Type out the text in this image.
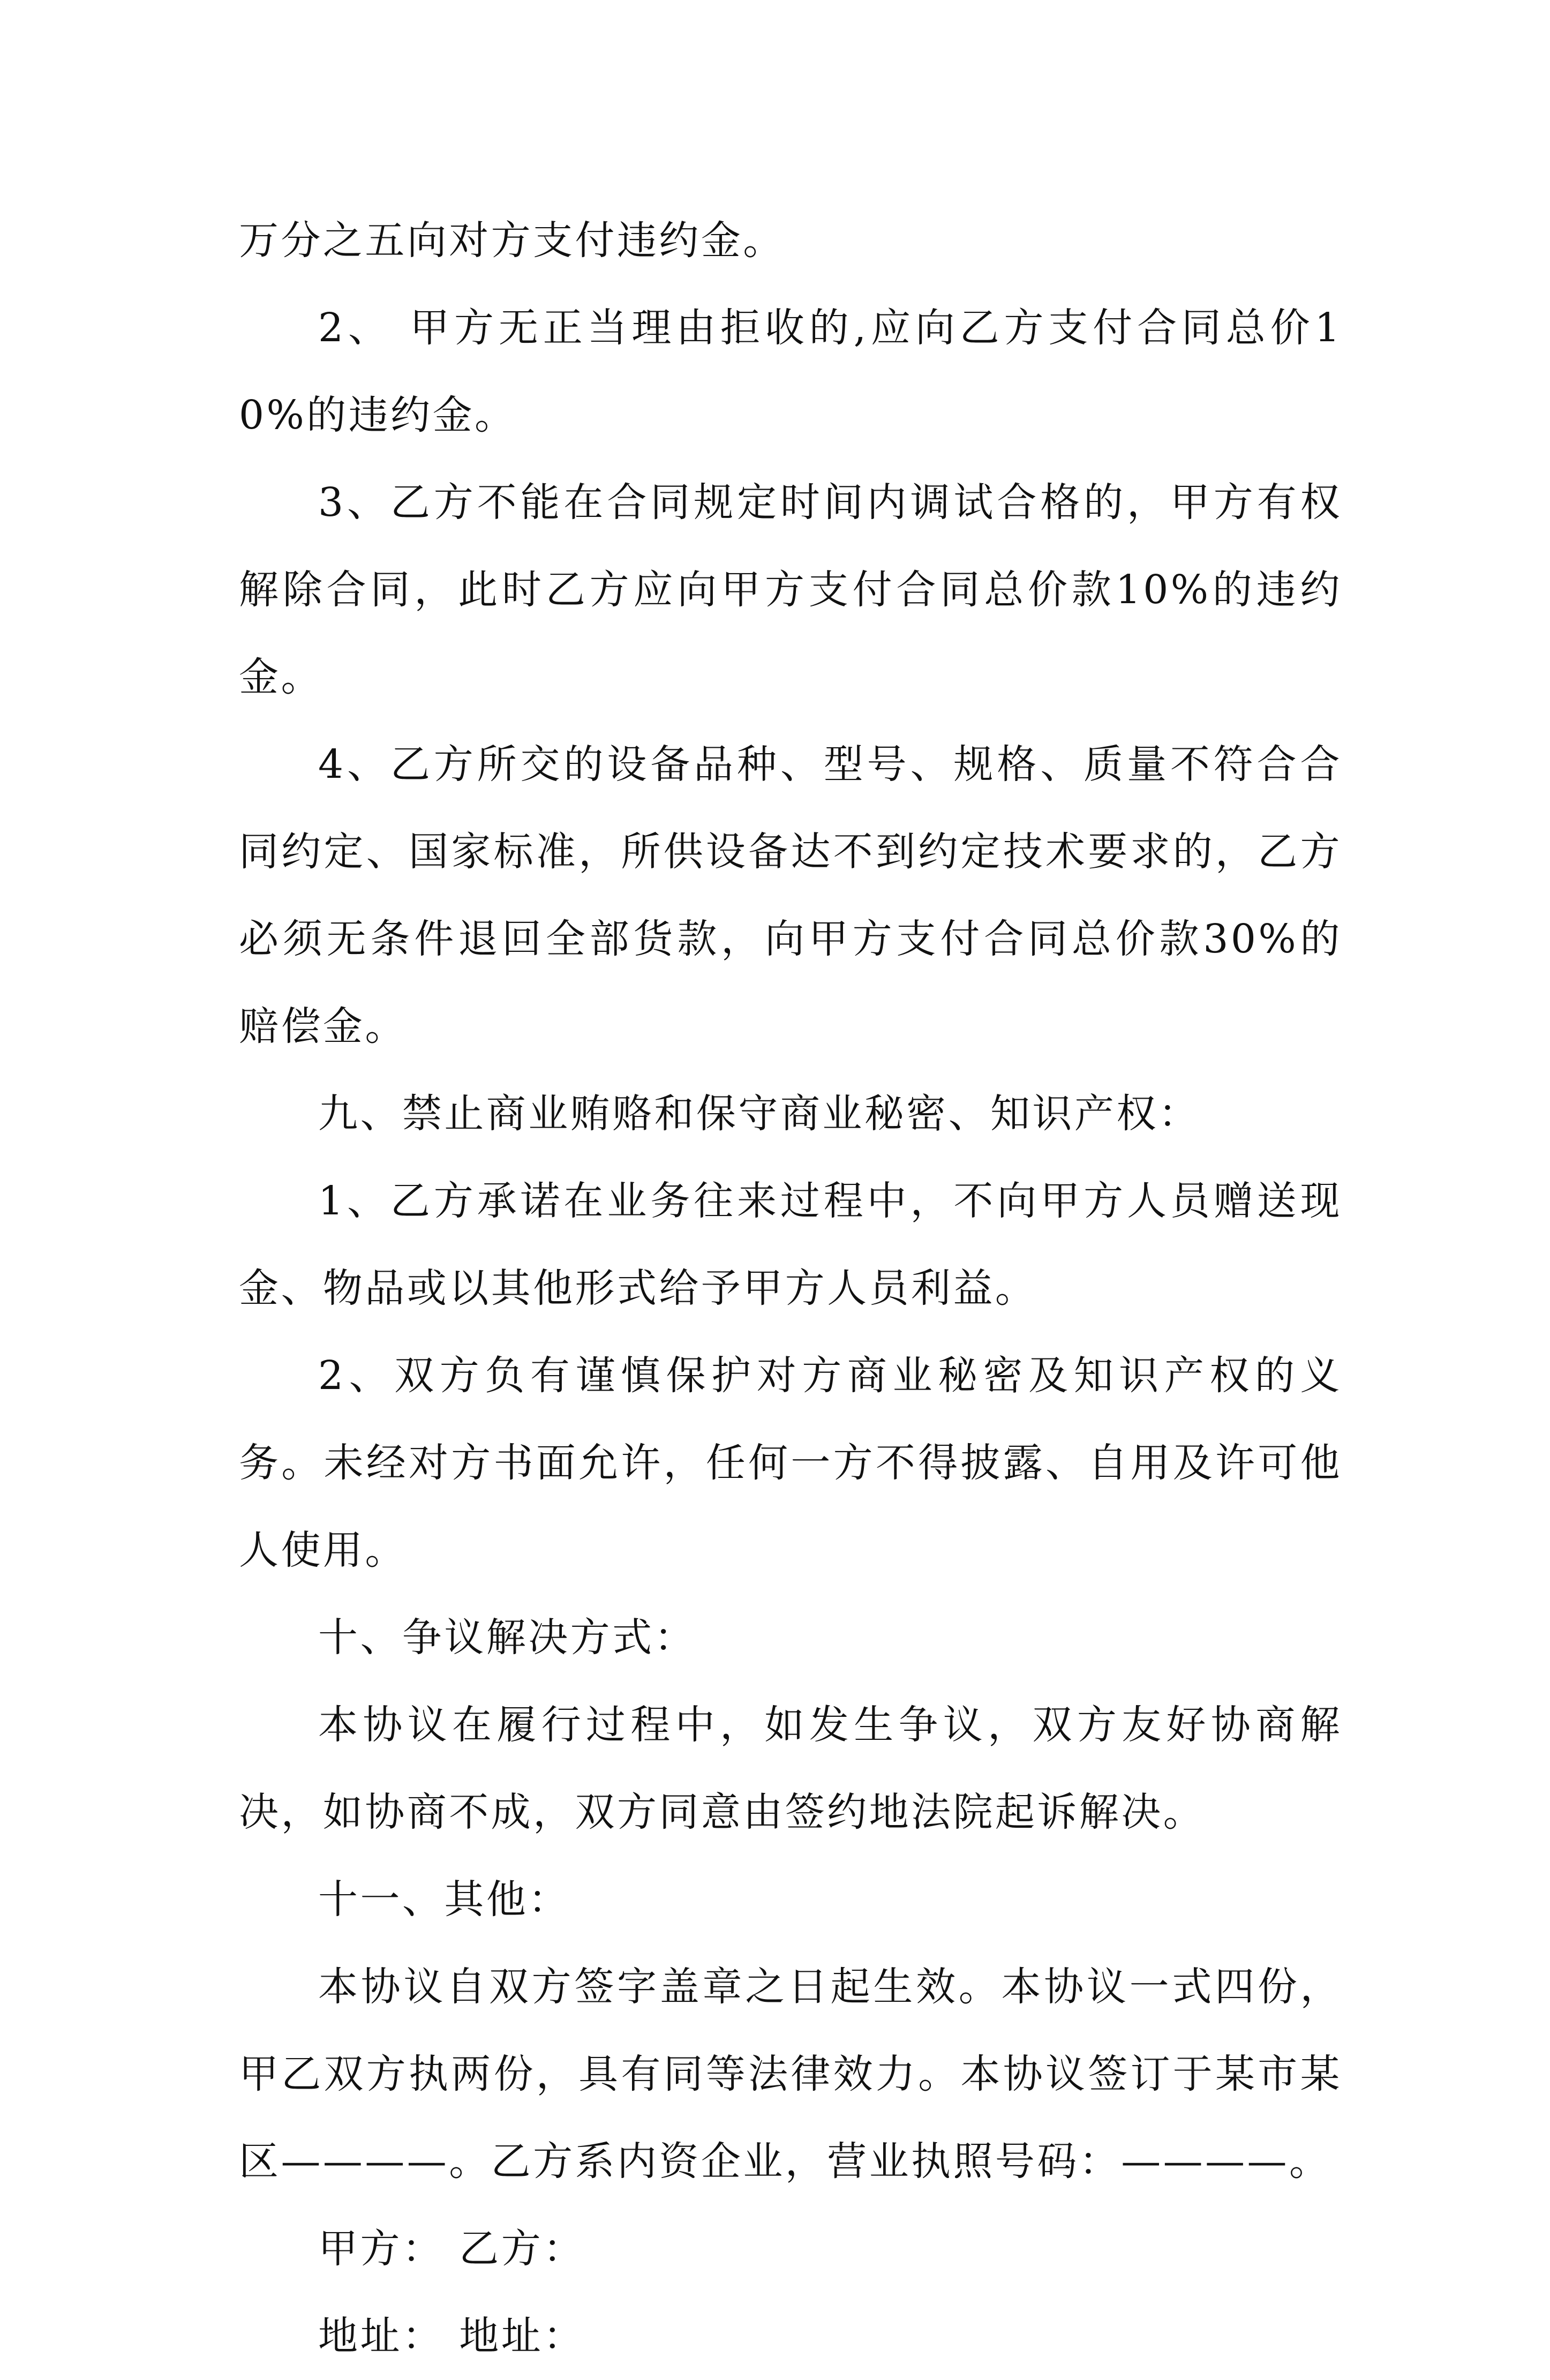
万分之五向对方支付违约金。

2、 甲方无正当理由拒收的,应向乙方支付合同总价10%的违约金。

3、乙方不能在合同规定时间内调试合格的，甲方有权解除合同，此时乙方应向甲方支付合同总价款10%的违约金。

4、乙方所交的设备品种、型号、规格、质量不符合合同约定、国家标准，所供设备达不到约定技术要求的，乙方必须无条件退回全部货款，向甲方支付合同总价款30%的赔偿金。

九、禁止商业贿赂和保守商业秘密、知识产权：

1、乙方承诺在业务往来过程中，不向甲方人员赠送现金、物品或以其他形式给予甲方人员利益。

2、双方负有谨慎保护对方商业秘密及知识产权的义务。未经对方书面允许，任何一方不得披露、自用及许可他人使用。

十、争议解决方式：

本协议在履行过程中，如发生争议，双方友好协商解决，如协商不成，双方同意由签约地法院起诉解决。

十一、其他：

本协议自双方签字盖章之日起生效。本协议一式四份，甲乙双方执两份，具有同等法律效力。本协议签订于某市某区————。乙方系内资企业，营业执照号码：————。

甲方： 乙方：

地址： 地址：
